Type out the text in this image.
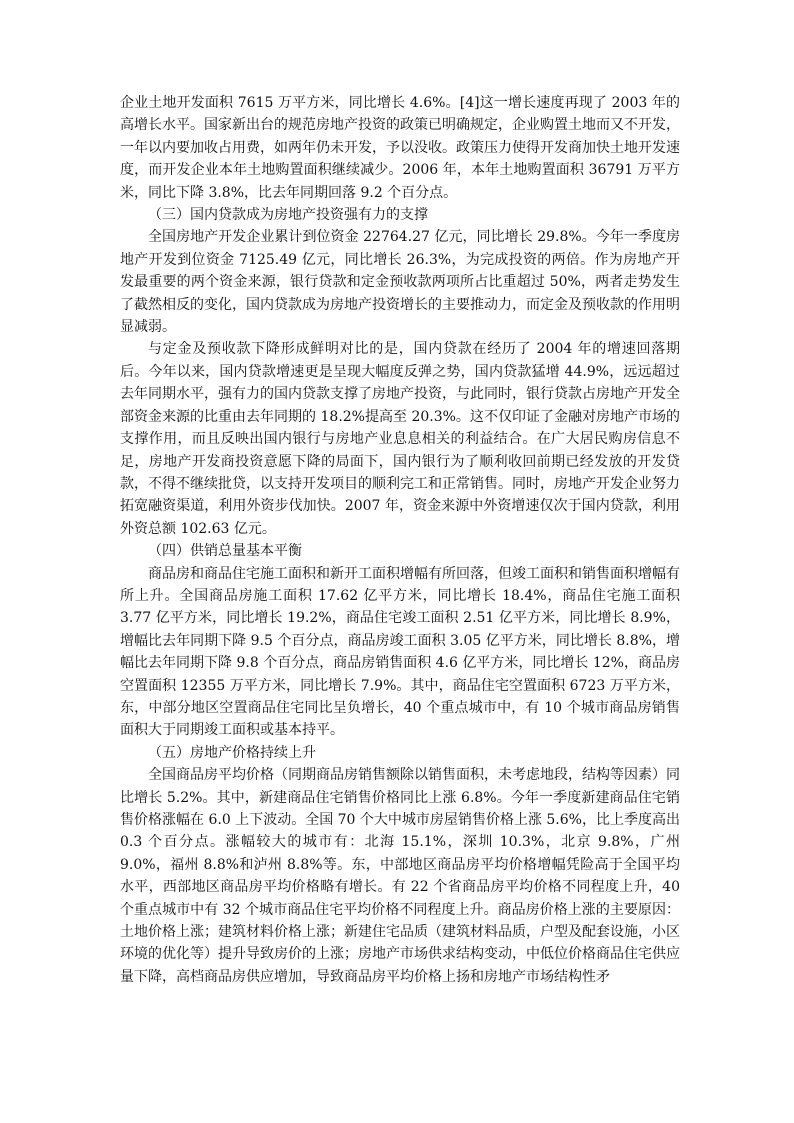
企业土地开发面积 7615 万平方米，同比增长 4.6%。[4]这一增长速度再现了 2003 年的高增长水平。国家新出台的规范房地产投资的政策已明确规定，企业购置土地而又不开发，一年以内要加收占用费，如两年仍未开发，予以没收。政策压力使得开发商加快土地开发速度，而开发企业本年土地购置面积继续减少。2006 年，本年土地购置面积 36791 万平方米，同比下降 3.8%，比去年同期回落 9.2 个百分点。

（三）国内贷款成为房地产投资强有力的支撑

全国房地产开发企业累计到位资金 22764.27 亿元，同比增长 29.8%。今年一季度房地产开发到位资金 7125.49 亿元，同比增长 26.3%，为完成投资的两倍。作为房地产开发最重要的两个资金来源，银行贷款和定金预收款两项所占比重超过 50%，两者走势发生了截然相反的变化，国内贷款成为房地产投资增长的主要推动力，而定金及预收款的作用明显减弱。

与定金及预收款下降形成鲜明对比的是，国内贷款在经历了 2004 年的增速回落期后。今年以来，国内贷款增速更是呈现大幅度反弹之势，国内贷款猛增 44.9%，远远超过去年同期水平，强有力的国内贷款支撑了房地产投资，与此同时，银行贷款占房地产开发全部资金来源的比重由去年同期的 18.2%提高至 20.3%。这不仅印证了金融对房地产市场的支撑作用，而且反映出国内银行与房地产业息息相关的利益结合。在广大居民购房信息不足，房地产开发商投资意愿下降的局面下，国内银行为了顺利收回前期已经发放的开发贷款，不得不继续批贷，以支持开发项目的顺利完工和正常销售。同时，房地产开发企业努力拓宽融资渠道，利用外资步伐加快。2007 年，资金来源中外资增速仅次于国内贷款，利用外资总额 102.63 亿元。

（四）供销总量基本平衡

商品房和商品住宅施工面积和新开工面积增幅有所回落，但竣工面积和销售面积增幅有所上升。全国商品房施工面积 17.62 亿平方米，同比增长 18.4%，商品住宅施工面积 3.77 亿平方米，同比增长 19.2%，商品住宅竣工面积 2.51 亿平方米，同比增长 8.9%，增幅比去年同期下降 9.5 个百分点，商品房竣工面积 3.05 亿平方米，同比增长 8.8%，增幅比去年同期下降 9.8 个百分点，商品房销售面积 4.6 亿平方米，同比增长 12%，商品房空置面积 12355 万平方米，同比增长 7.9%。其中，商品住宅空置面积 6723 万平方米，东，中部分地区空置商品住宅同比呈负增长，40 个重点城市中，有 10 个城市商品房销售面积大于同期竣工面积或基本持平。

（五）房地产价格持续上升

全国商品房平均价格（同期商品房销售额除以销售面积，未考虑地段，结构等因素）同比增长 5.2%。其中，新建商品住宅销售价格同比上涨 6.8%。今年一季度新建商品住宅销售价格涨幅在 6.0 上下波动。全国 70 个大中城市房屋销售价格上涨 5.6%，比上季度高出 0.3 个百分点。涨幅较大的城市有：北海 15.1%，深圳 10.3%，北京 9.8%，广州 9.0%，福州 8.8%和泸州 8.8%等。东，中部地区商品房平均价格增幅凭险高于全国平均水平，西部地区商品房平均价格略有增长。有 22 个省商品房平均价格不同程度上升，40 个重点城市中有 32 个城市商品住宅平均价格不同程度上升。商品房价格上涨的主要原因：土地价格上涨；建筑材料价格上涨；新建住宅品质（建筑材料品质，户型及配套设施，小区环境的优化等）提升导致房价的上涨；房地产市场供求结构变动，中低位价格商品住宅供应量下降，高档商品房供应增加，导致商品房平均价格上扬和房地产市场结构性矛
